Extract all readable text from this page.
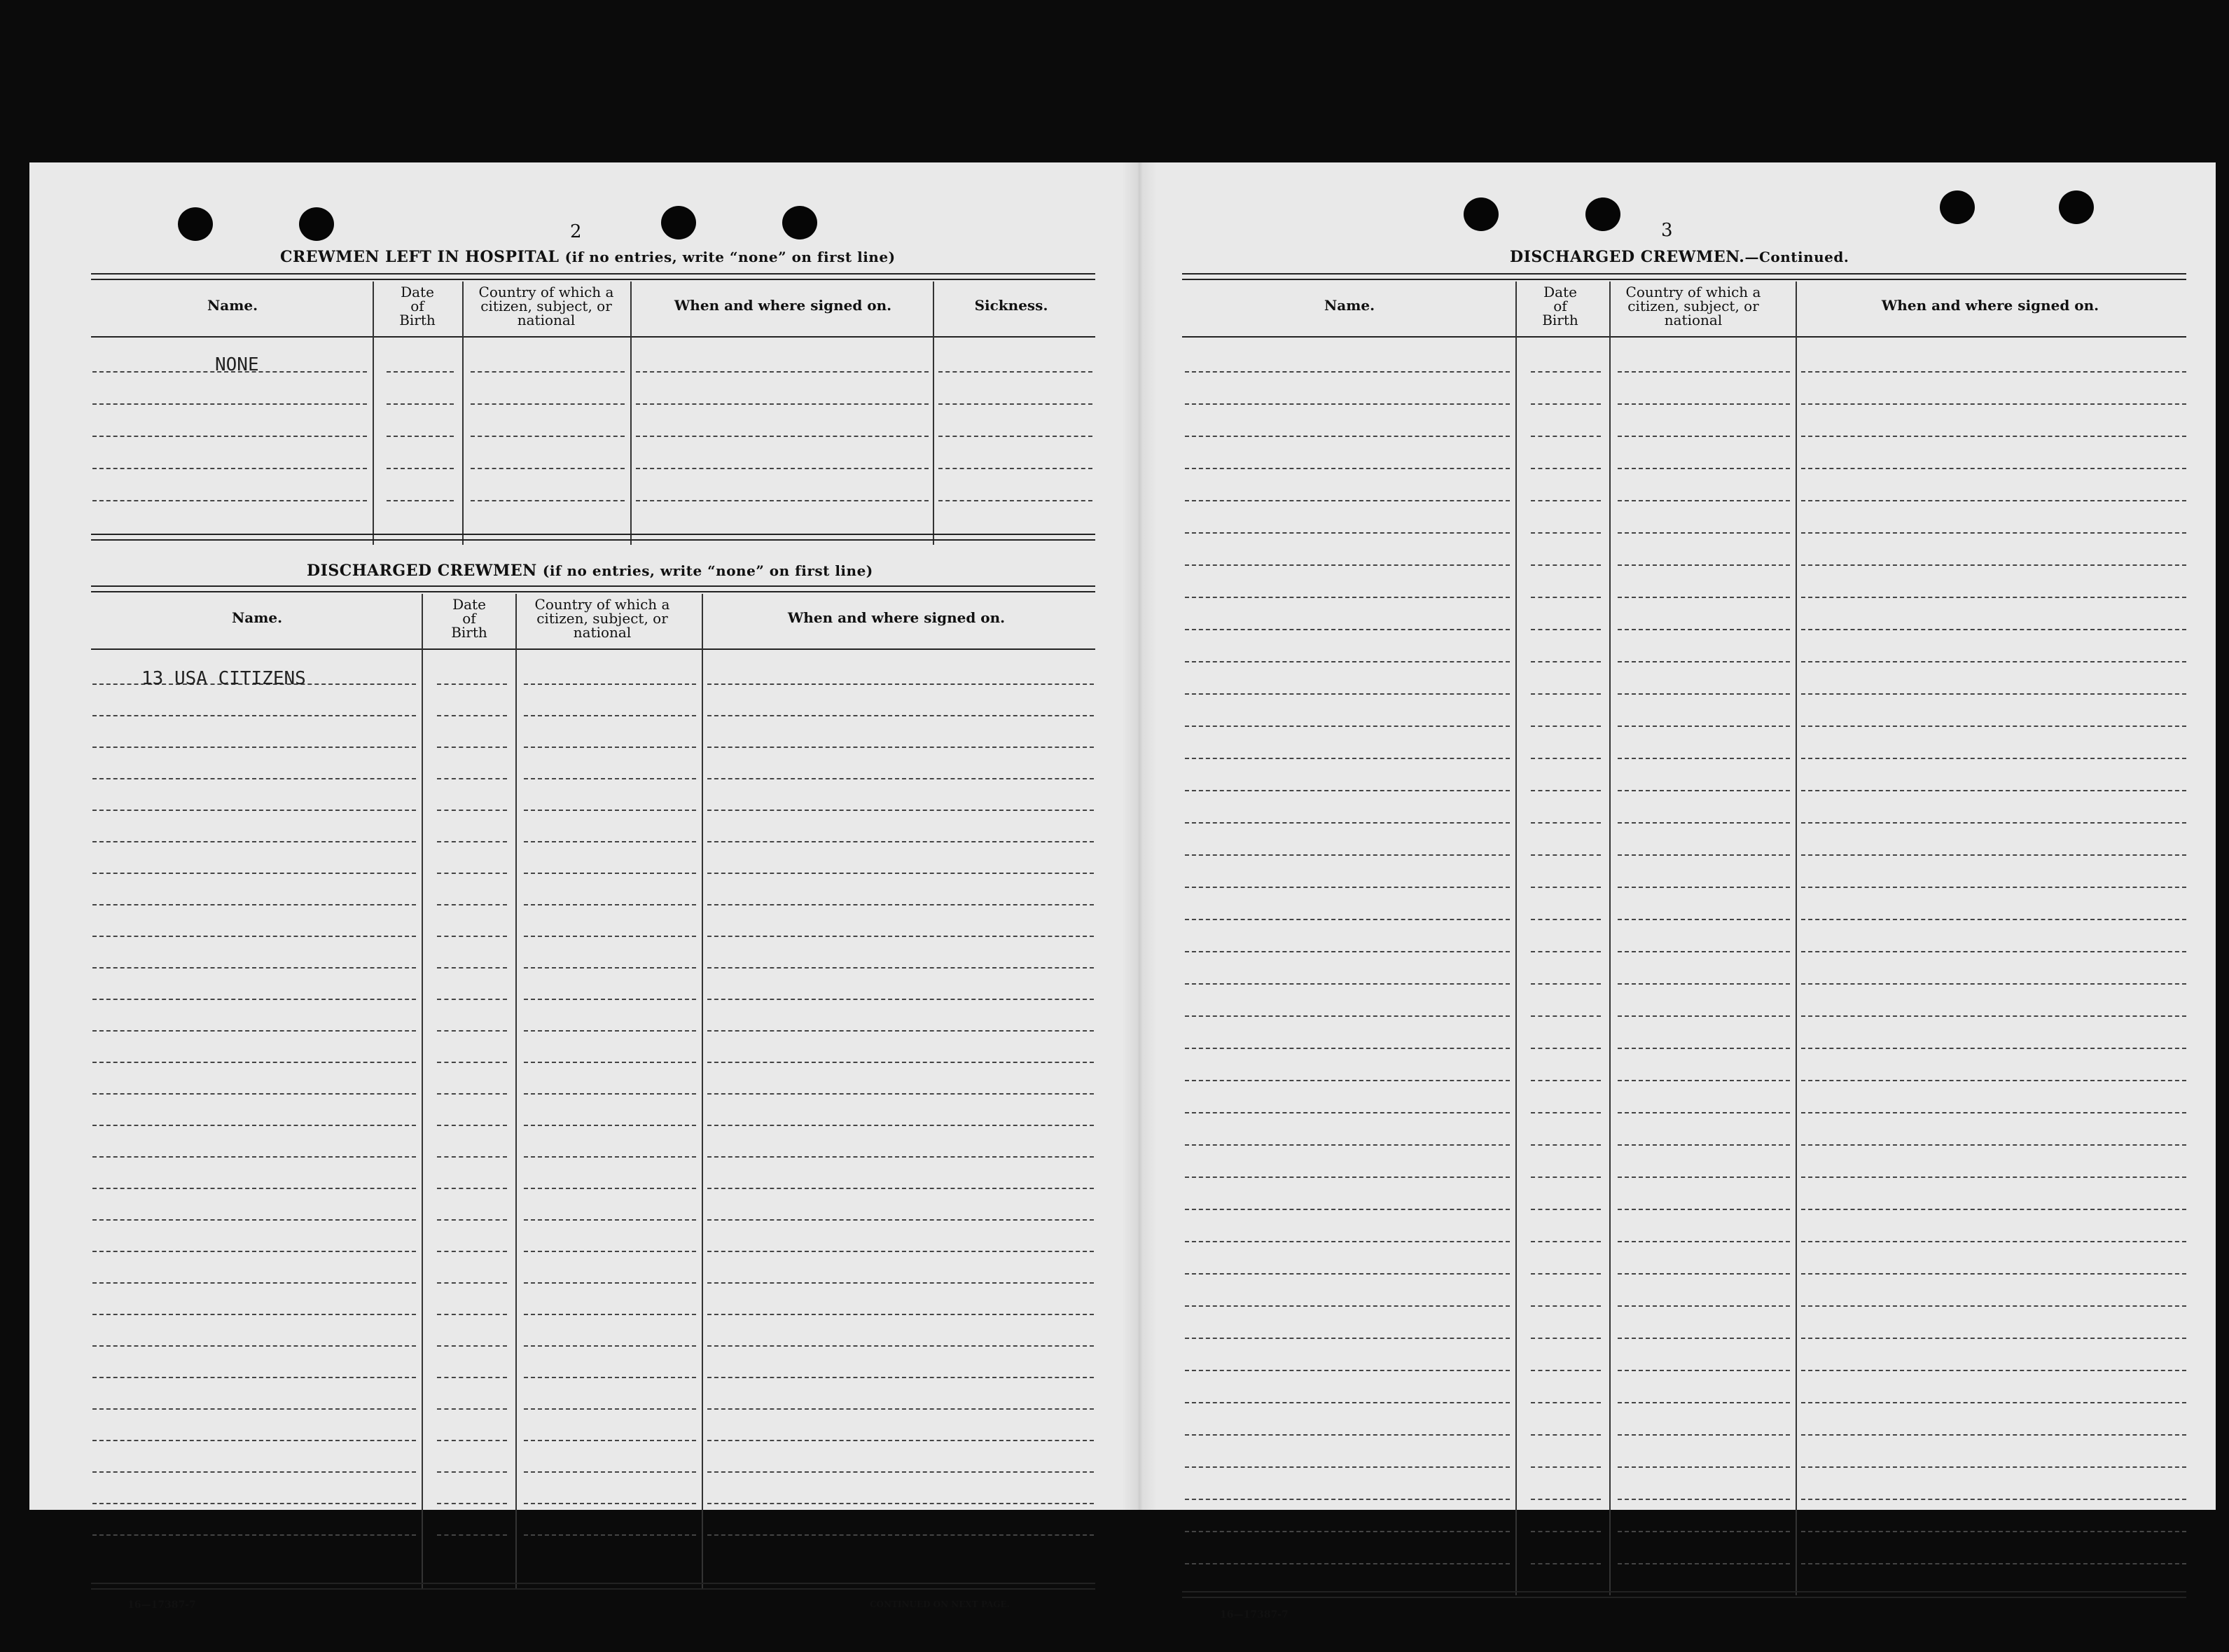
2
CREWMEN LEFT IN HOSPITAL (if no entries, write “none” on first line)
Name.
Date of Birth
Country of which a citizen, subject, or national
When and where signed on.	Sickness.
NONE
DISCHARGED CREWMEN (if no entries, write “none” on first line)
Name.
Date of Birth
Country of which a citizen, subject, or national
When and where signed on.
13 USA CITIZENS
16—17387-7	CONTINUED ON NEXT PAGE.
3
DISCHARGED CREWMEN.—Continued.
Name.
Date of Birth
Country of which a citizen, subject, or national
When and where signed on.
16—17387-7
